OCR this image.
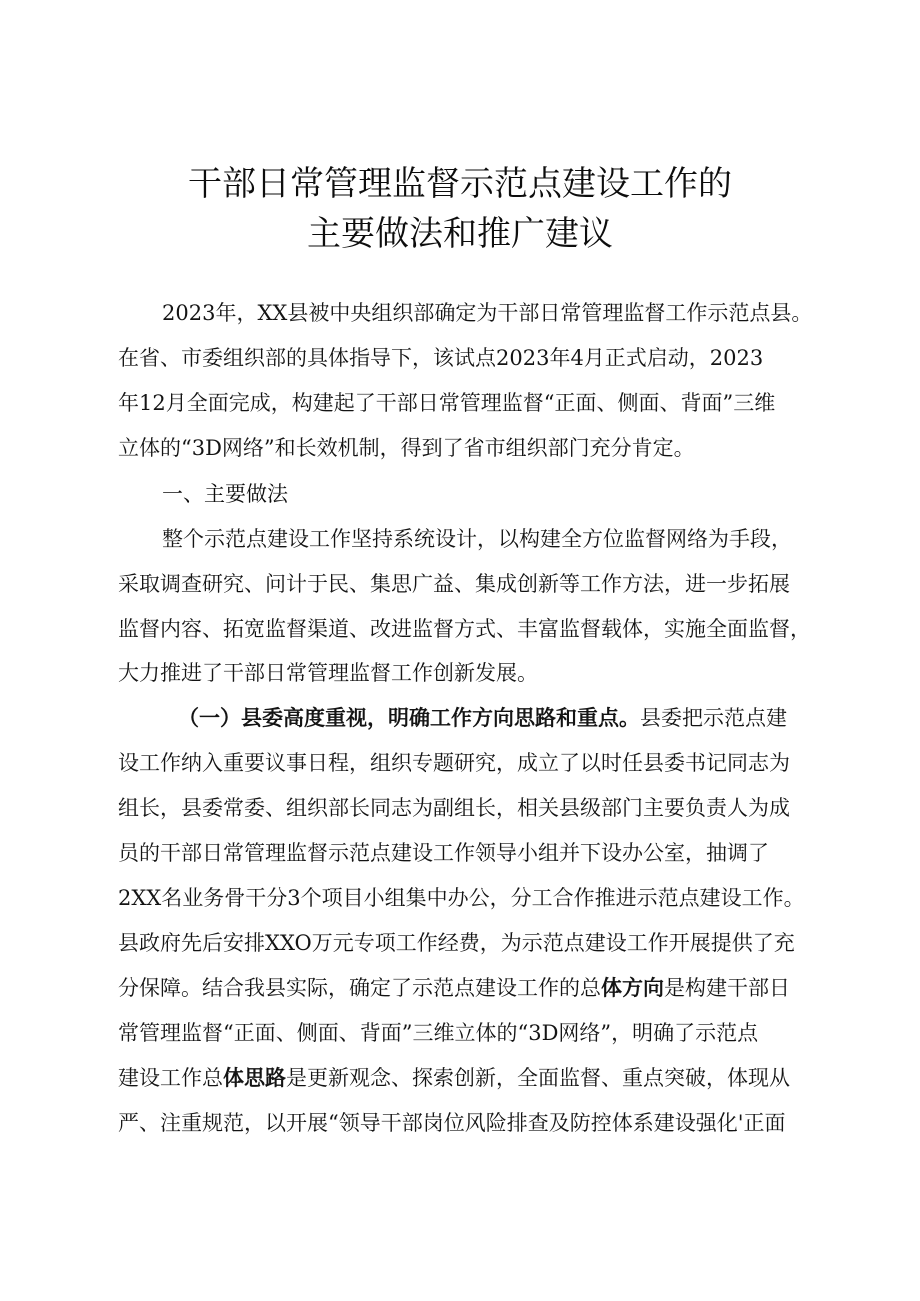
干部日常管理监督示范点建设工作的
主要做法和推广建议
2023年，XX县被中央组织部确定为干部日常管理监督工作示范点县。
在省、市委组织部的具体指导下，该试点2023年4月正式启动，2023
年12月全面完成，构建起了干部日常管理监督“正面、侧面、背面”三维
立体的“3D网络”和长效机制，得到了省市组织部门充分肯定。
一、主要做法
整个示范点建设工作坚持系统设计，以构建全方位监督网络为手段，
采取调查研究、问计于民、集思广益、集成创新等工作方法，进一步拓展
监督内容、拓宽监督渠道、改进监督方式、丰富监督载体，实施全面监督，
大力推进了干部日常管理监督工作创新发展。
（一）县委高度重视，明确工作方向思路和重点。县委把示范点建
设工作纳入重要议事日程，组织专题研究，成立了以时任县委书记同志为
组长，县委常委、组织部长同志为副组长，相关县级部门主要负责人为成
员的干部日常管理监督示范点建设工作领导小组并下设办公室，抽调了
2XX名业务骨干分3个项目小组集中办公，分工合作推进示范点建设工作。
县政府先后安排XXO万元专项工作经费，为示范点建设工作开展提供了充
分保障。结合我县实际，确定了示范点建设工作的总体方向是构建干部日
常管理监督“正面、侧面、背面”三维立体的“3D网络”，明确了示范点
建设工作总体思路是更新观念、探索创新，全面监督、重点突破，体现从
严、注重规范，以开展“领导干部岗位风险排查及防控体系建设强化'正面
